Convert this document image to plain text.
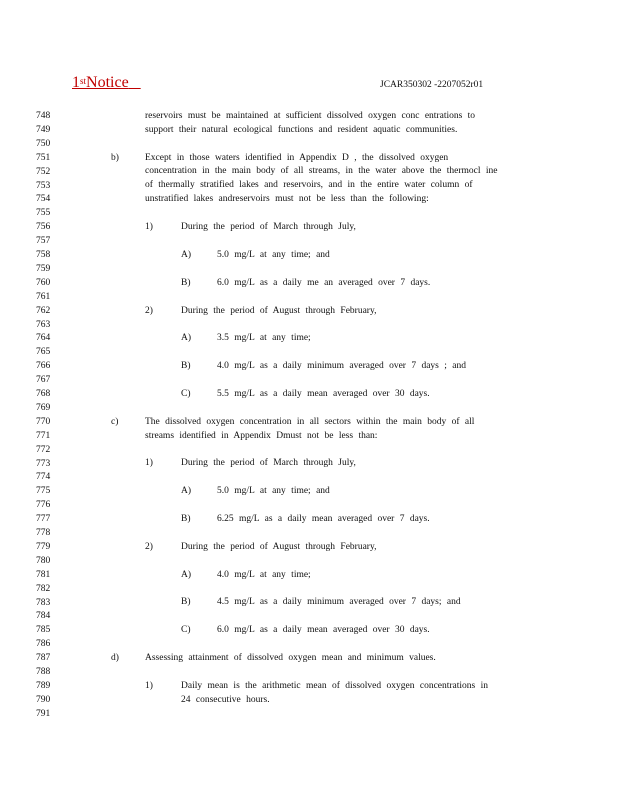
1stNotice	JCAR350302 -2207052r01
748
749
750
751
752
753
754
755
756
757
758
759
760
761
762
763
764
765
766
767
768
769
770
771
772
773
774
775
776
777
778
779
780
781
782
783
784
785
786
787
788
789
790
791
reservoirs must be maintained at sufficient dissolved oxygen conc entrations to
support their natural ecological functions and resident aquatic communities.
b)	Except in those waters identified in Appendix D , the dissolved oxygen
concentration in the main body of all streams, in the water above the thermocl ine
of thermally stratified lakes and reservoirs, and in the entire water column of
unstratified lakes andreservoirs must not be less than the following:
1)	During the period of March through July,
A)	5.0 mg/L at any time; and
B)	6.0 mg/L as a daily me an averaged over 7 days.
2)	During the period of August through February,
A)	3.5 mg/L at any time;
B)	4.0 mg/L as a daily minimum averaged over 7 days ; and
C)	5.5 mg/L as a daily mean averaged over 30 days.
c)	The dissolved oxygen concentration in all sectors within the main body of all
streams identified in Appendix Dmust not be less than:
1)	During the period of March through July,
A)	5.0 mg/L at any time; and
B)	6.25 mg/L as a daily mean averaged over 7 days.
2)	During the period of August through February,
A)	4.0 mg/L at any time;
B)	4.5 mg/L as a daily minimum averaged over 7 days; and
C)	6.0 mg/L as a daily mean averaged over 30 days.
d)	Assessing attainment of dissolved oxygen mean and minimum values.
1)	Daily mean is the arithmetic mean of dissolved oxygen concentrations in
24 consecutive hours.
